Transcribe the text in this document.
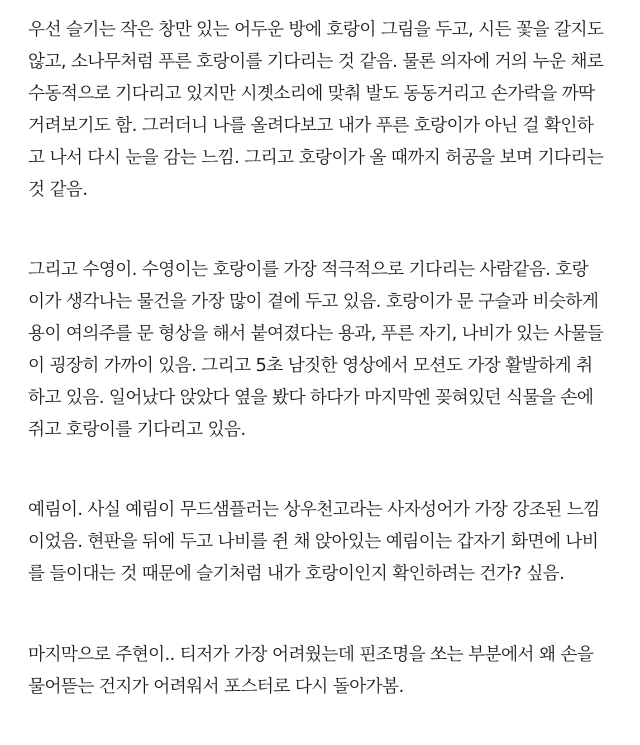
우선 슬기는 작은 창만 있는 어두운 방에 호랑이 그림을 두고, 시든 꽃을 갈지도
않고, 소나무처럼 푸른 호랑이를 기다리는 것 같음. 물론 의자에 거의 누운 채로
수동적으로 기다리고 있지만 시곗소리에 맞춰 발도 동동거리고 손가락을 까딱
거려보기도 함. 그러더니 나를 올려다보고 내가 푸른 호랑이가 아닌 걸 확인하
고 나서 다시 눈을 감는 느낌. 그리고 호랑이가 올 때까지 허공을 보며 기다리는
것 같음.
그리고 수영이. 수영이는 호랑이를 가장 적극적으로 기다리는 사람같음. 호랑
이가 생각나는 물건을 가장 많이 곁에 두고 있음. 호랑이가 문 구슬과 비슷하게
용이 여의주를 문 형상을 해서 붙여졌다는 용과, 푸른 자기, 나비가 있는 사물들
이 굉장히 가까이 있음. 그리고 5초 남짓한 영상에서 모션도 가장 활발하게 취
하고 있음. 일어났다 앉았다 옆을 봤다 하다가 마지막엔 꽂혀있던 식물을 손에
쥐고 호랑이를 기다리고 있음.
예림이. 사실 예림이 무드샘플러는 상우천고라는 사자성어가 가장 강조된 느낌
이었음. 현판을 뒤에 두고 나비를 쥔 채 앉아있는 예림이는 갑자기 화면에 나비
를 들이대는 것 때문에 슬기처럼 내가 호랑이인지 확인하려는 건가? 싶음.
마지막으로 주현이.. 티저가 가장 어려웠는데 핀조명을 쏘는 부분에서 왜 손을
물어뜯는 건지가 어려워서 포스터로 다시 돌아가봄.
